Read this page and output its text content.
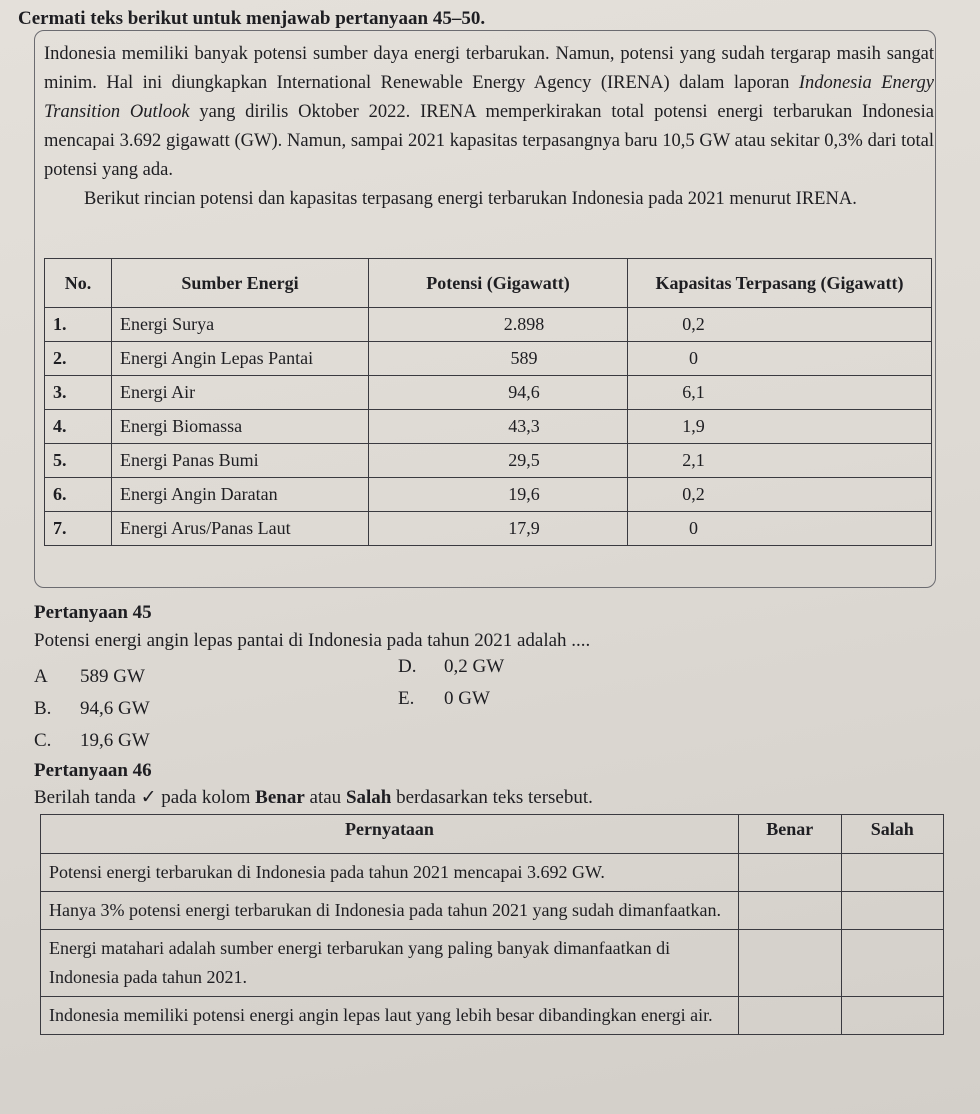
Cermati teks berikut untuk menjawab pertanyaan 45–50.

Indonesia memiliki banyak potensi sumber daya energi terbarukan. Namun, potensi yang sudah tergarap masih sangat minim. Hal ini diungkapkan International Renewable Energy Agency (IRENA) dalam laporan Indonesia Energy Transition Outlook yang dirilis Oktober 2022. IRENA memperkirakan total potensi energi terbarukan Indonesia mencapai 3.692 gigawatt (GW). Namun, sampai 2021 kapasitas terpasangnya baru 10,5 GW atau sekitar 0,3% dari total potensi yang ada.

Berikut rincian potensi dan kapasitas terpasang energi terbarukan Indonesia pada 2021 menurut IRENA.

No.	Sumber Energi	Potensi (Gigawatt)	Kapasitas Terpasang (Gigawatt)
1.	Energi Surya	2.898	0,2
2.	Energi Angin Lepas Pantai	589	0
3.	Energi Air	94,6	6,1
4.	Energi Biomassa	43,3	1,9
5.	Energi Panas Bumi	29,5	2,1
6.	Energi Angin Daratan	19,6	0,2
7.	Energi Arus/Panas Laut	17,9	0
Pertanyaan 45
Potensi energi angin lepas pantai di Indonesia pada tahun 2021 adalah ....
A 589 GW
B. 94,6 GW
C. 19,6 GW
D. 0,2 GW
E. 0 GW
Pertanyaan 46
Berilah tanda ✓ pada kolom Benar atau Salah berdasarkan teks tersebut.
Pernyataan	Benar	Salah
Potensi energi terbarukan di Indonesia pada tahun 2021 mencapai 3.692 GW.		
Hanya 3% potensi energi terbarukan di Indonesia pada tahun 2021 yang sudah dimanfaatkan.		
Energi matahari adalah sumber energi terbarukan yang paling banyak dimanfaatkan di Indonesia pada tahun 2021.		
Indonesia memiliki potensi energi angin lepas laut yang lebih besar dibandingkan energi air.		
